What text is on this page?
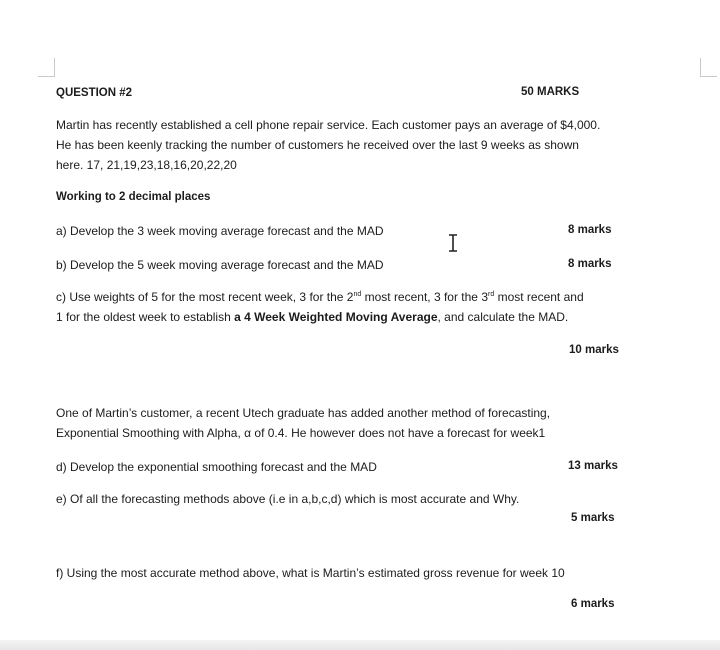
QUESTION #2	50 MARKS
Martin has recently established a cell phone repair service. Each customer pays an average of $4,000.
He has been keenly tracking the number of customers he received over the last 9 weeks as shown
here. 17, 21,19,23,18,16,20,22,20
Working to 2 decimal places
a) Develop the 3 week moving average forecast and the MAD	8 marks
b) Develop the 5 week moving average forecast and the MAD	8 marks
c) Use weights of 5 for the most recent week, 3 for the 2nd most recent, 3 for the 3rd most recent and
1 for the oldest week to establish a 4 Week Weighted Moving Average, and calculate the MAD.
10 marks
One of Martin’s customer, a recent Utech graduate has added another method of forecasting,
Exponential Smoothing with Alpha, α of 0.4. He however does not have a forecast for week1
d) Develop the exponential smoothing forecast and the MAD	13 marks
e) Of all the forecasting methods above (i.e in a,b,c,d) which is most accurate and Why.
5 marks
f) Using the most accurate method above, what is Martin’s estimated gross revenue for week 10
6 marks
